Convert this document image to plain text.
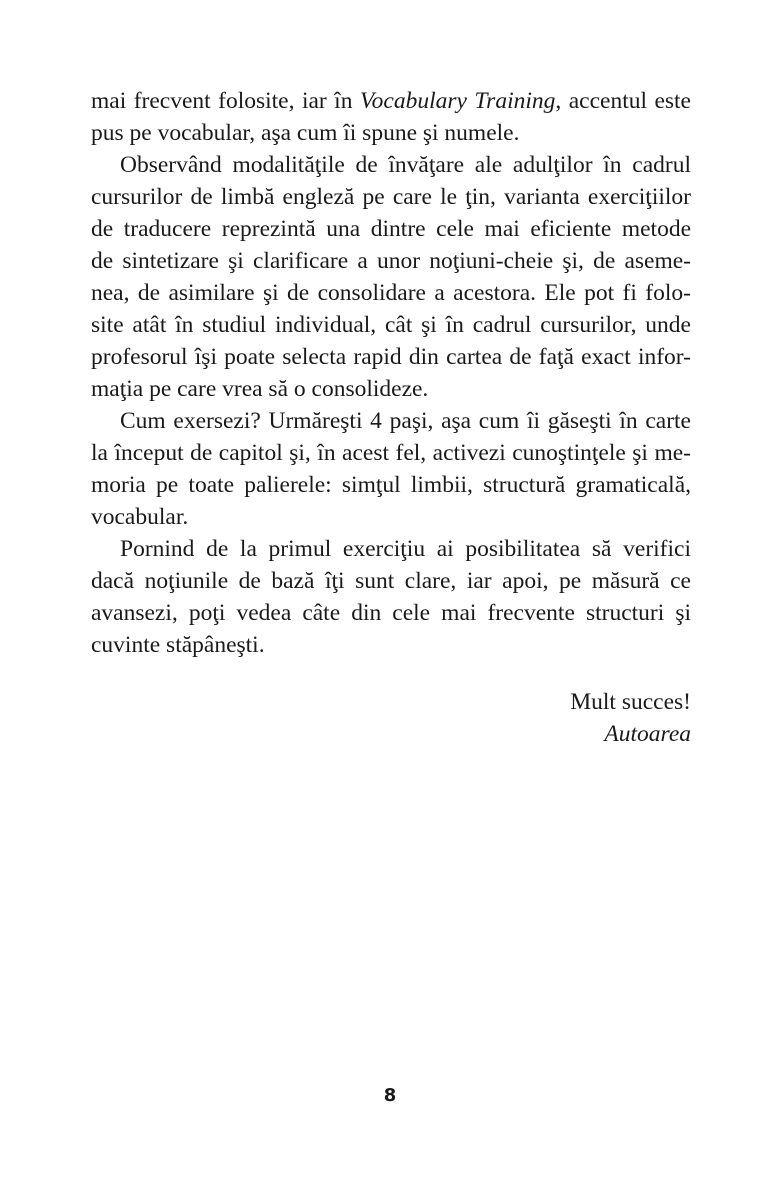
mai frecvent folosite, iar în Vocabulary Training, accentul este
pus pe vocabular, aşa cum îi spune şi numele.
Observând modalităţile de învăţare ale adulţilor în cadrul
cursurilor de limbă engleză pe care le ţin, varianta exerciţiilor
de traducere reprezintă una dintre cele mai eficiente metode
de sintetizare şi clarificare a unor noţiuni-cheie şi, de aseme-
nea, de asimilare şi de consolidare a acestora. Ele pot fi folo-
site atât în studiul individual, cât şi în cadrul cursurilor, unde
profesorul îşi poate selecta rapid din cartea de faţă exact infor-
maţia pe care vrea să o consolideze.
Cum exersezi? Urmăreşti 4 paşi, aşa cum îi găseşti în carte
la început de capitol şi, în acest fel, activezi cunoştinţele şi me-
moria pe toate palierele: simţul limbii, structură gramaticală,
vocabular.
Pornind de la primul exerciţiu ai posibilitatea să verifici
dacă noţiunile de bază îţi sunt clare, iar apoi, pe măsură ce
avansezi, poţi vedea câte din cele mai frecvente structuri şi
cuvinte stăpâneşti.
Mult succes!
Autoarea
8
